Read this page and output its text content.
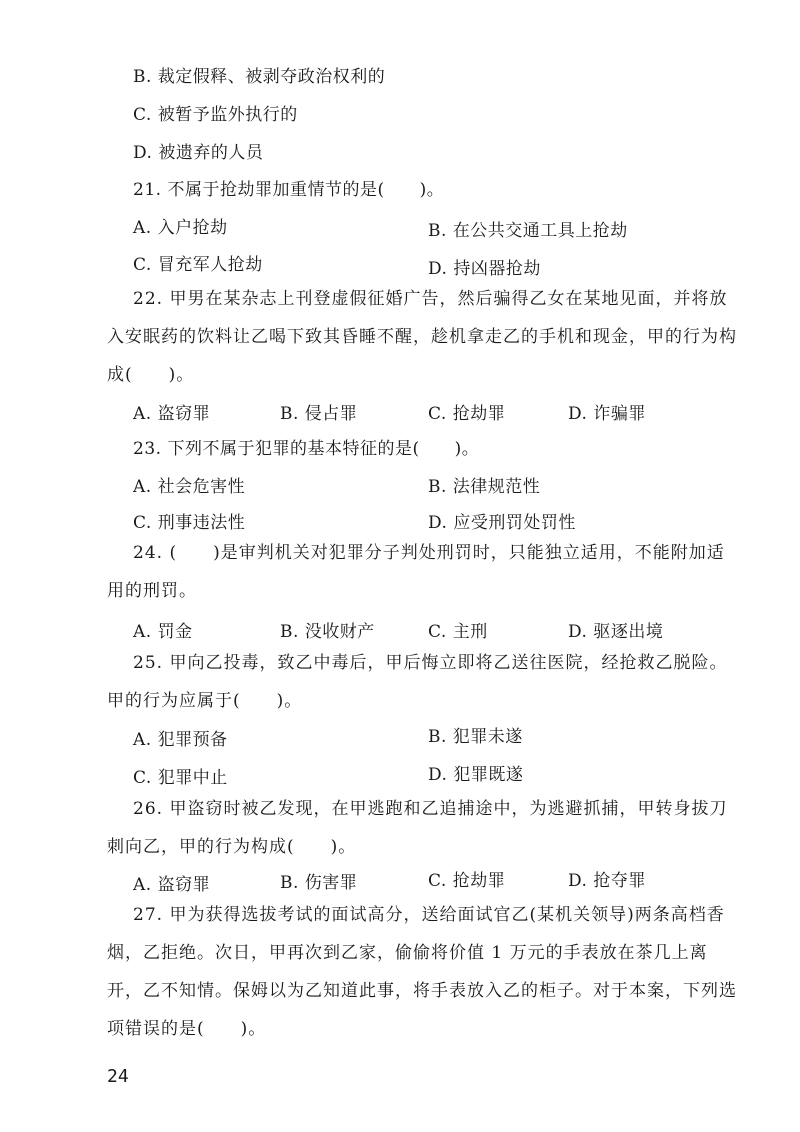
B. 裁定假释、被剥夺政治权利的
C. 被暂予监外执行的
D. 被遗弃的人员
21. 不属于抢劫罪加重情节的是(　　)。
A. 入户抢劫	B. 在公共交通工具上抢劫
C. 冒充军人抢劫	D. 持凶器抢劫
22. 甲男在某杂志上刊登虚假征婚广告，然后骗得乙女在某地见面，并将放入安眠药的饮料让乙喝下致其昏睡不醒，趁机拿走乙的手机和现金，甲的行为构成(　　)。
A. 盗窃罪	B. 侵占罪	C. 抢劫罪	D. 诈骗罪
23. 下列不属于犯罪的基本特征的是(　　)。
A. 社会危害性	B. 法律规范性
C. 刑事违法性	D. 应受刑罚处罚性
24. (　　)是审判机关对犯罪分子判处刑罚时，只能独立适用，不能附加适用的刑罚。
A. 罚金	B. 没收财产	C. 主刑	D. 驱逐出境
25. 甲向乙投毒，致乙中毒后，甲后悔立即将乙送往医院，经抢救乙脱险。甲的行为应属于(　　)。
A. 犯罪预备	B. 犯罪未遂
C. 犯罪中止	D. 犯罪既遂
26. 甲盗窃时被乙发现，在甲逃跑和乙追捕途中，为逃避抓捕，甲转身拔刀刺向乙，甲的行为构成(　　)。
A. 盗窃罪	B. 伤害罪	C. 抢劫罪	D. 抢夺罪
27. 甲为获得选拔考试的面试高分，送给面试官乙(某机关领导)两条高档香烟，乙拒绝。次日，甲再次到乙家，偷偷将价值 1 万元的手表放在茶几上离开，乙不知情。保姆以为乙知道此事，将手表放入乙的柜子。对于本案，下列选项错误的是(　　)。
24
